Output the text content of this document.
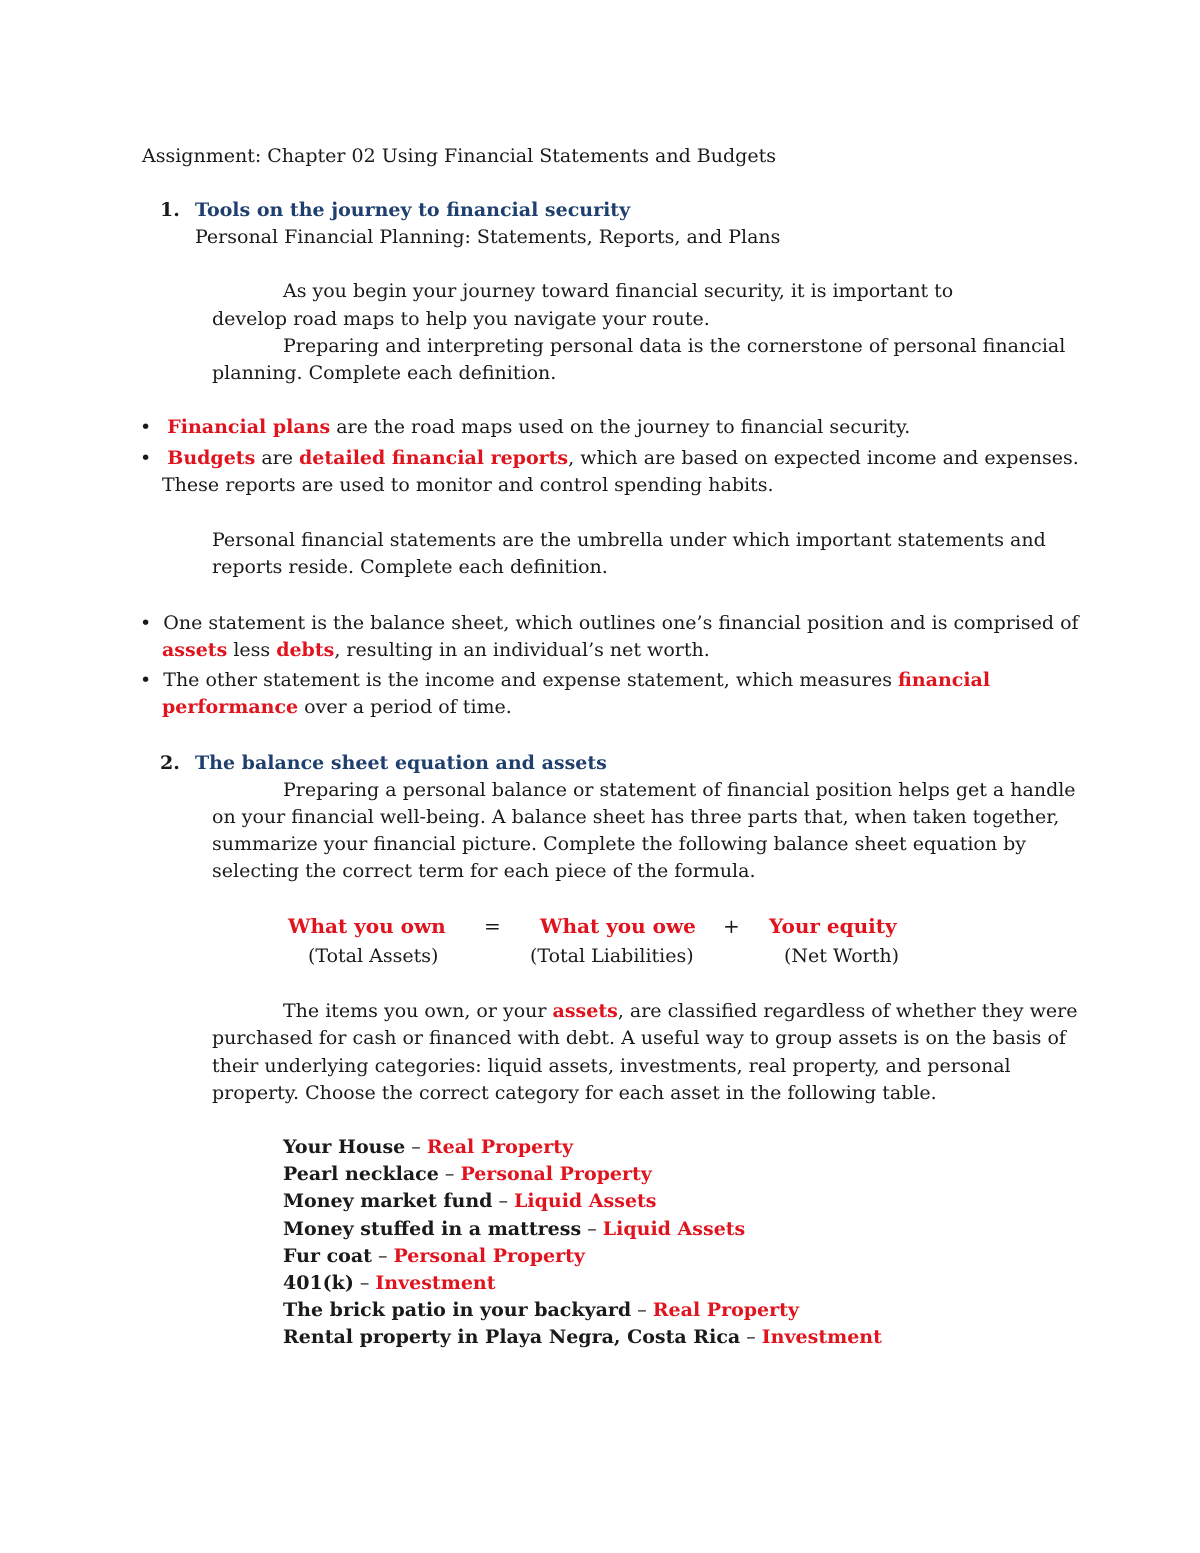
Assignment: Chapter 02 Using Financial Statements and Budgets
1. Tools on the journey to financial security
Personal Financial Planning: Statements, Reports, and Plans
As you begin your journey toward financial security, it is important to
develop road maps to help you navigate your route.
Preparing and interpreting personal data is the cornerstone of personal financial
planning. Complete each definition.
• Financial plans are the road maps used on the journey to financial security.
• Budgets are detailed financial reports, which are based on expected income and expenses.
These reports are used to monitor and control spending habits.
Personal financial statements are the umbrella under which important statements and
reports reside. Complete each definition.
• One statement is the balance sheet, which outlines one’s financial position and is comprised of
assets less debts, resulting in an individual’s net worth.
• The other statement is the income and expense statement, which measures financial
performance over a period of time.
2. The balance sheet equation and assets
Preparing a personal balance or statement of financial position helps get a handle
on your financial well-being. A balance sheet has three parts that, when taken together,
summarize your financial picture. Complete the following balance sheet equation by
selecting the correct term for each piece of the formula.
What you own = What you owe + Your equity
(Total Assets)	(Total Liabilities)	(Net Worth)
The items you own, or your assets, are classified regardless of whether they were
purchased for cash or financed with debt. A useful way to group assets is on the basis of
their underlying categories: liquid assets, investments, real property, and personal
property. Choose the correct category for each asset in the following table.
Your House – Real Property
Pearl necklace – Personal Property
Money market fund – Liquid Assets
Money stuffed in a mattress – Liquid Assets
Fur coat – Personal Property
401(k) – Investment
The brick patio in your backyard – Real Property
Rental property in Playa Negra, Costa Rica – Investment
